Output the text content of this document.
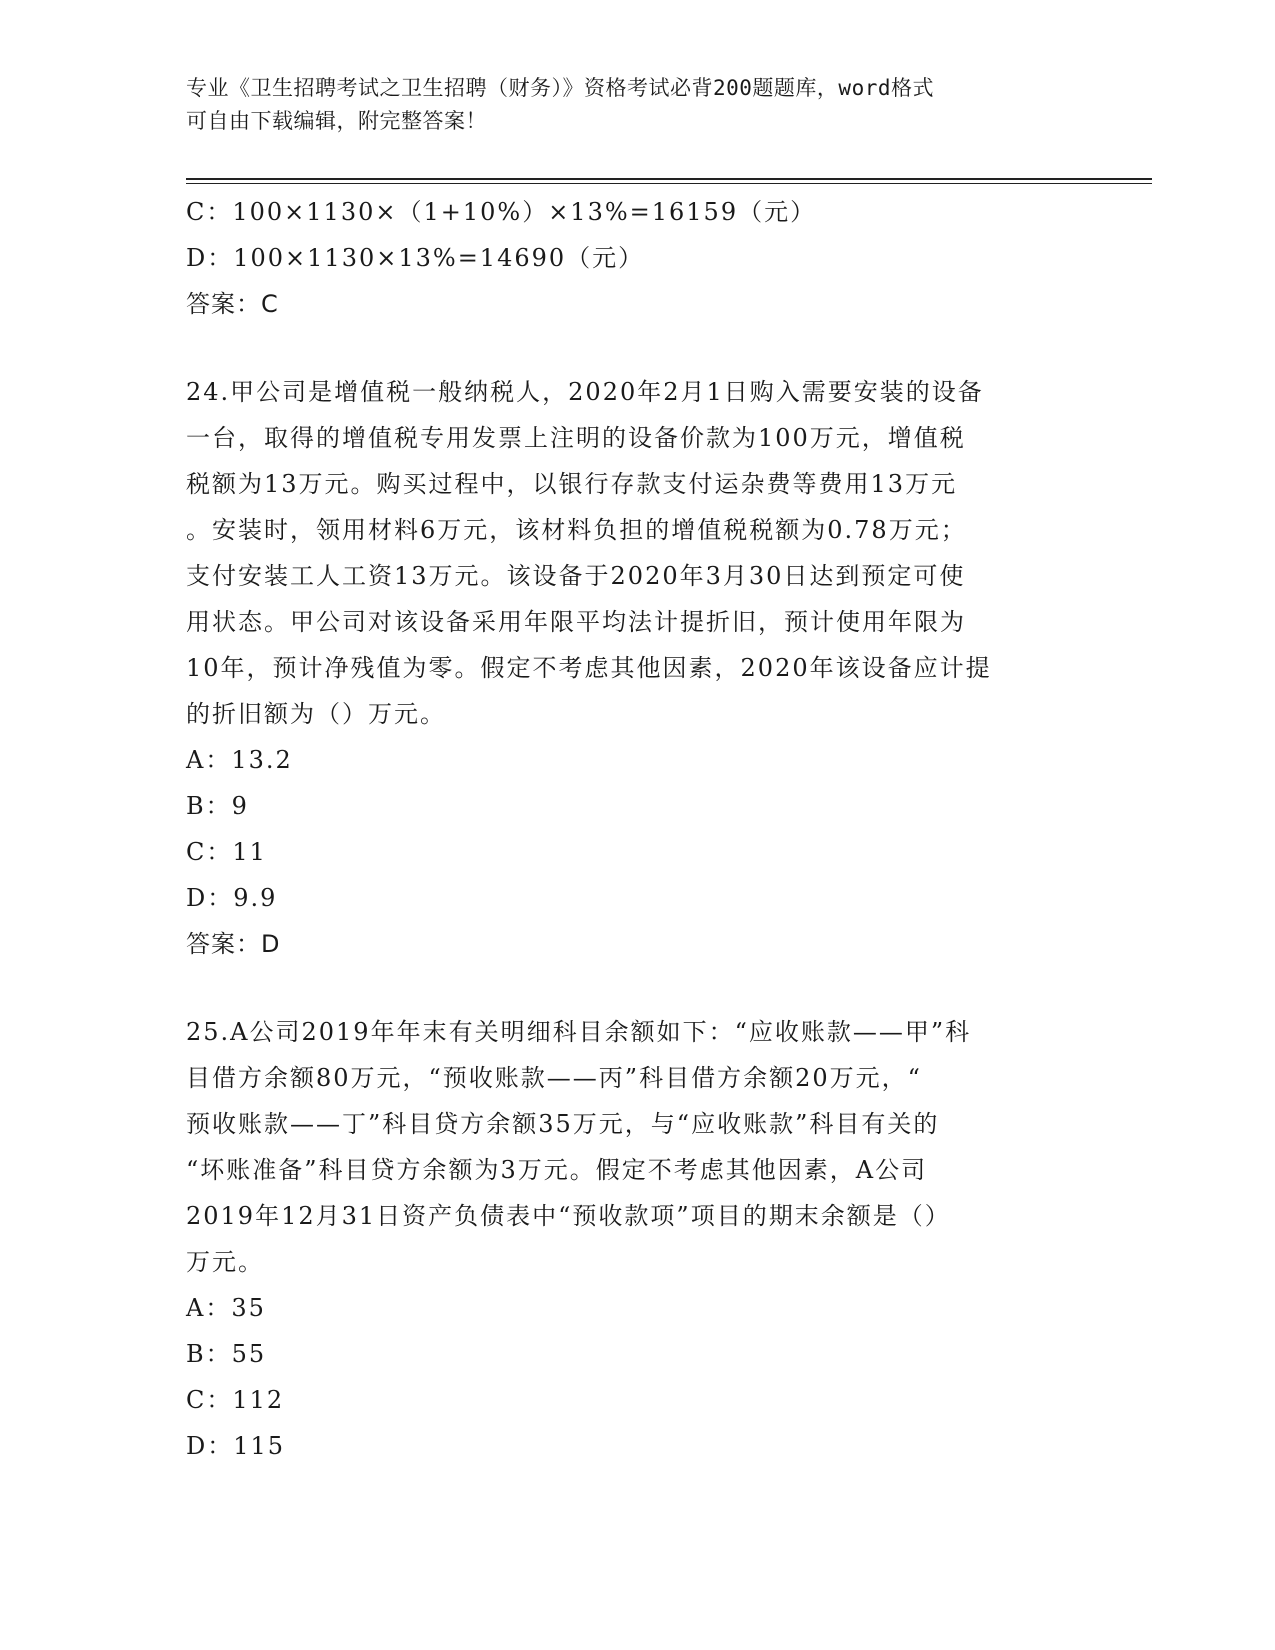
专业《卫生招聘考试之卫生招聘（财务）》资格考试必背200题题库，word格式

可自由下载编辑，附完整答案！

C：100×1130×（1+10%）×13%=16159（元）
D：100×1130×13%=14690（元）
答案：C
24.甲公司是增值税一般纳税人，2020年2月1日购入需要安装的设备
一台，取得的增值税专用发票上注明的设备价款为100万元，增值税
税额为13万元。购买过程中，以银行存款支付运杂费等费用13万元
。安装时，领用材料6万元，该材料负担的增值税税额为0.78万元；
支付安装工人工资13万元。该设备于2020年3月30日达到预定可使
用状态。甲公司对该设备采用年限平均法计提折旧，预计使用年限为
10年，预计净残值为零。假定不考虑其他因素，2020年该设备应计提
的折旧额为（）万元。
A：13.2
B：9
C：11
D：9.9
答案：D
25.A公司2019年年末有关明细科目余额如下：“应收账款——甲”科
目借方余额80万元，“预收账款——丙”科目借方余额20万元，“
预收账款——丁”科目贷方余额35万元，与“应收账款”科目有关的
“坏账准备”科目贷方余额为3万元。假定不考虑其他因素，A公司
2019年12月31日资产负债表中“预收款项”项目的期末余额是（）
万元。
A：35
B：55
C：112
D：115
